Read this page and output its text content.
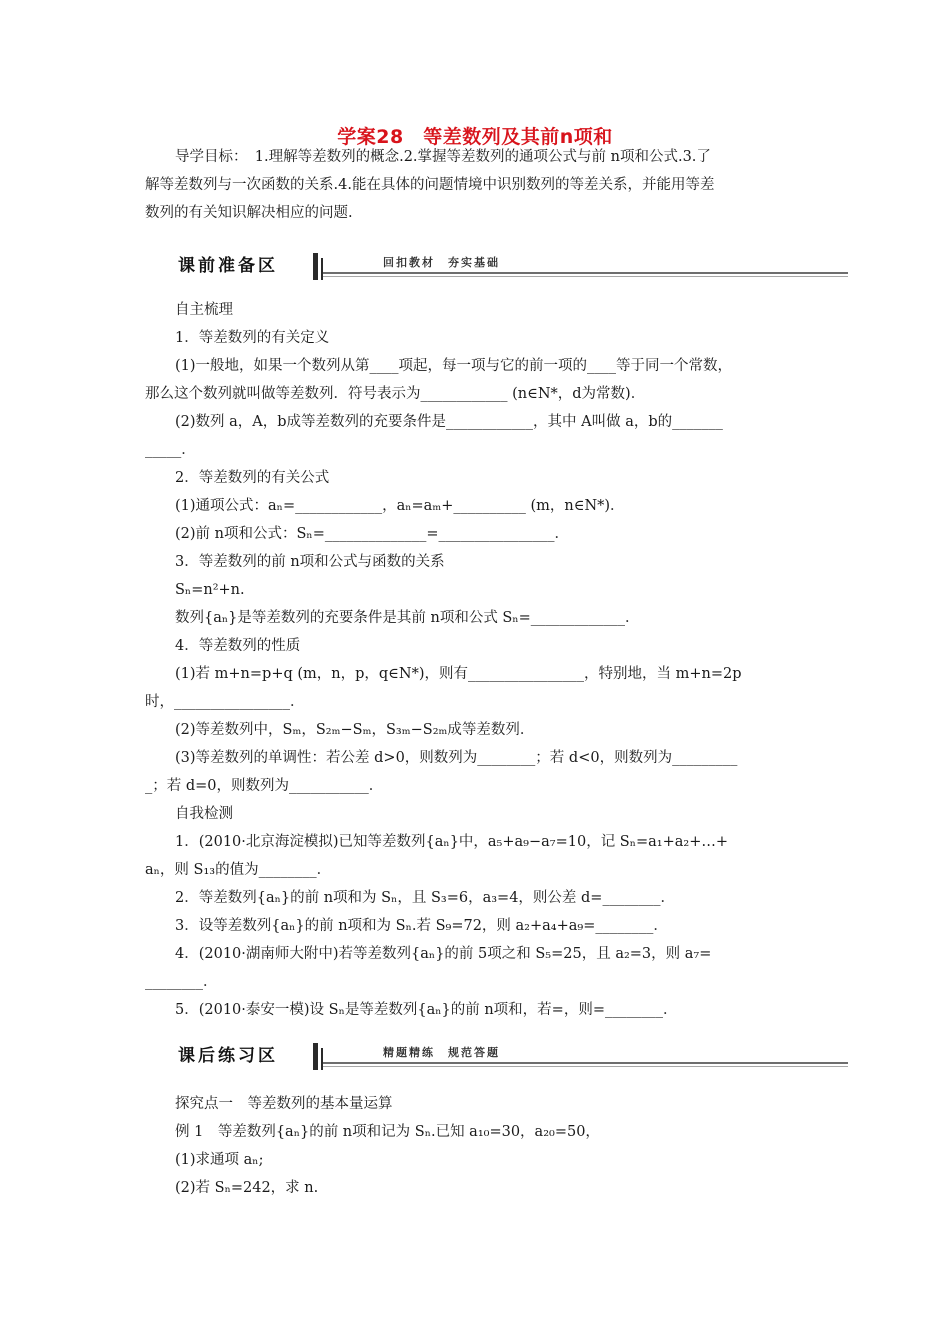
学案28　等差数列及其前n项和
课前准备区	回扣教材　夯实基础
课后练习区	精题精练　规范答题
导学目标：　1.理解等差数列的概念.2.掌握等差数列的通项公式与前 n项和公式.3.了
解等差数列与一次函数的关系.4.能在具体的问题情境中识别数列的等差关系，并能用等差
数列的有关知识解决相应的问题.
自主梳理
1．等差数列的有关定义
(1)一般地，如果一个数列从第____项起，每一项与它的前一项的____等于同一个常数，
那么这个数列就叫做等差数列．符号表示为____________ (n∈N*，d为常数)．
(2)数列 a，A，b成等差数列的充要条件是____________，其中 A叫做 a，b的_______
_____．
2．等差数列的有关公式
(1)通项公式：aₙ=____________，aₙ=aₘ+__________ (m，n∈N*)．
(2)前 n项和公式：Sₙ=______________=________________．
3．等差数列的前 n项和公式与函数的关系
Sₙ=n²+n.
数列{aₙ}是等差数列的充要条件是其前 n项和公式 Sₙ=_____________．
4．等差数列的性质
(1)若 m+n=p+q (m，n，p，q∈N*)，则有________________，特别地，当 m+n=2p
时，________________．
(2)等差数列中，Sₘ，S₂ₘ−Sₘ，S₃ₘ−S₂ₘ成等差数列．
(3)等差数列的单调性：若公差 d>0，则数列为________；若 d<0，则数列为_________
_；若 d=0，则数列为___________．
自我检测
1．(2010·北京海淀模拟)已知等差数列{aₙ}中，a₅+a₉−a₇=10，记 Sₙ=a₁+a₂+…+
aₙ，则 S₁₃的值为________．
2．等差数列{aₙ}的前 n项和为 Sₙ，且 S₃=6，a₃=4，则公差 d=________．
3．设等差数列{aₙ}的前 n项和为 Sₙ.若 S₉=72，则 a₂+a₄+a₉=________．
4．(2010·湖南师大附中)若等差数列{aₙ}的前 5项之和 S₅=25，且 a₂=3，则 a₇=
________．
5．(2010·泰安一模)设 Sₙ是等差数列{aₙ}的前 n项和，若=，则=________．
探究点一　等差数列的基本量运算
例 1　等差数列{aₙ}的前 n项和记为 Sₙ.已知 a₁₀=30，a₂₀=50，
(1)求通项 aₙ;
(2)若 Sₙ=242，求 n.
